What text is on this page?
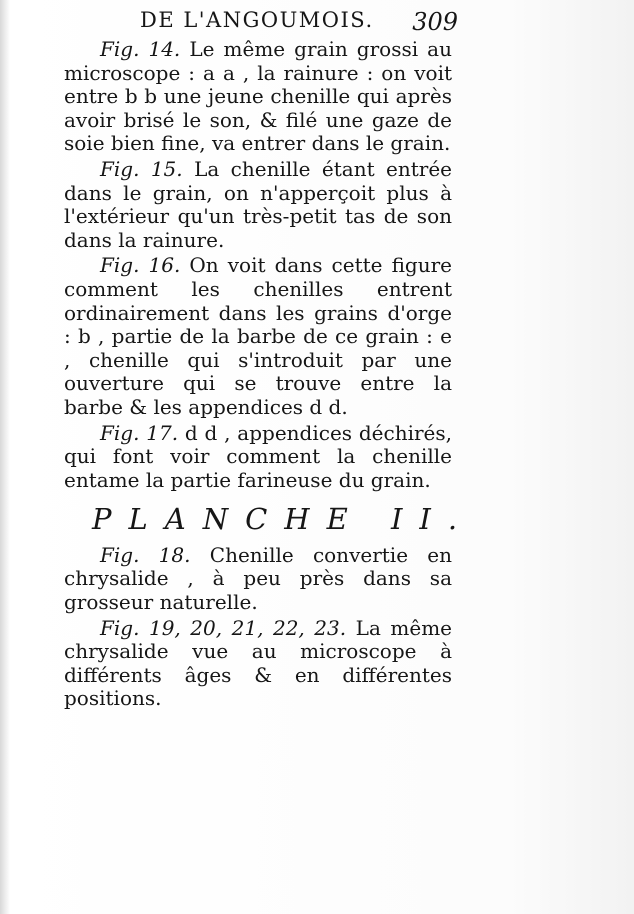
DE L'ANGOUMOIS. 309

Fig. 14. Le même grain grossi au microscope : a a , la rainure : on voit entre b b une jeune chenille qui après avoir brisé le son, & filé une gaze de soie bien fine, va entrer dans le grain.

Fig. 15. La chenille étant entrée dans le grain, on n'apperçoit plus à l'extérieur qu'un très-petit tas de son dans la rainure.

Fig. 16. On voit dans cette figure comment les chenilles entrent ordinairement dans les grains d'orge : b , partie de la barbe de ce grain : e , chenille qui s'introduit par une ouverture qui se trouve entre la barbe & les appendices d d.

Fig. 17. d d , appendices déchirés, qui font voir comment la chenille entame la partie farineuse du grain.

PLANCHE II.

Fig. 18. Chenille convertie en chrysalide , à peu près dans sa grosseur naturelle.

Fig. 19, 20, 21, 22, 23. La même chrysalide vue au microscope à différents âges & en différentes positions.
